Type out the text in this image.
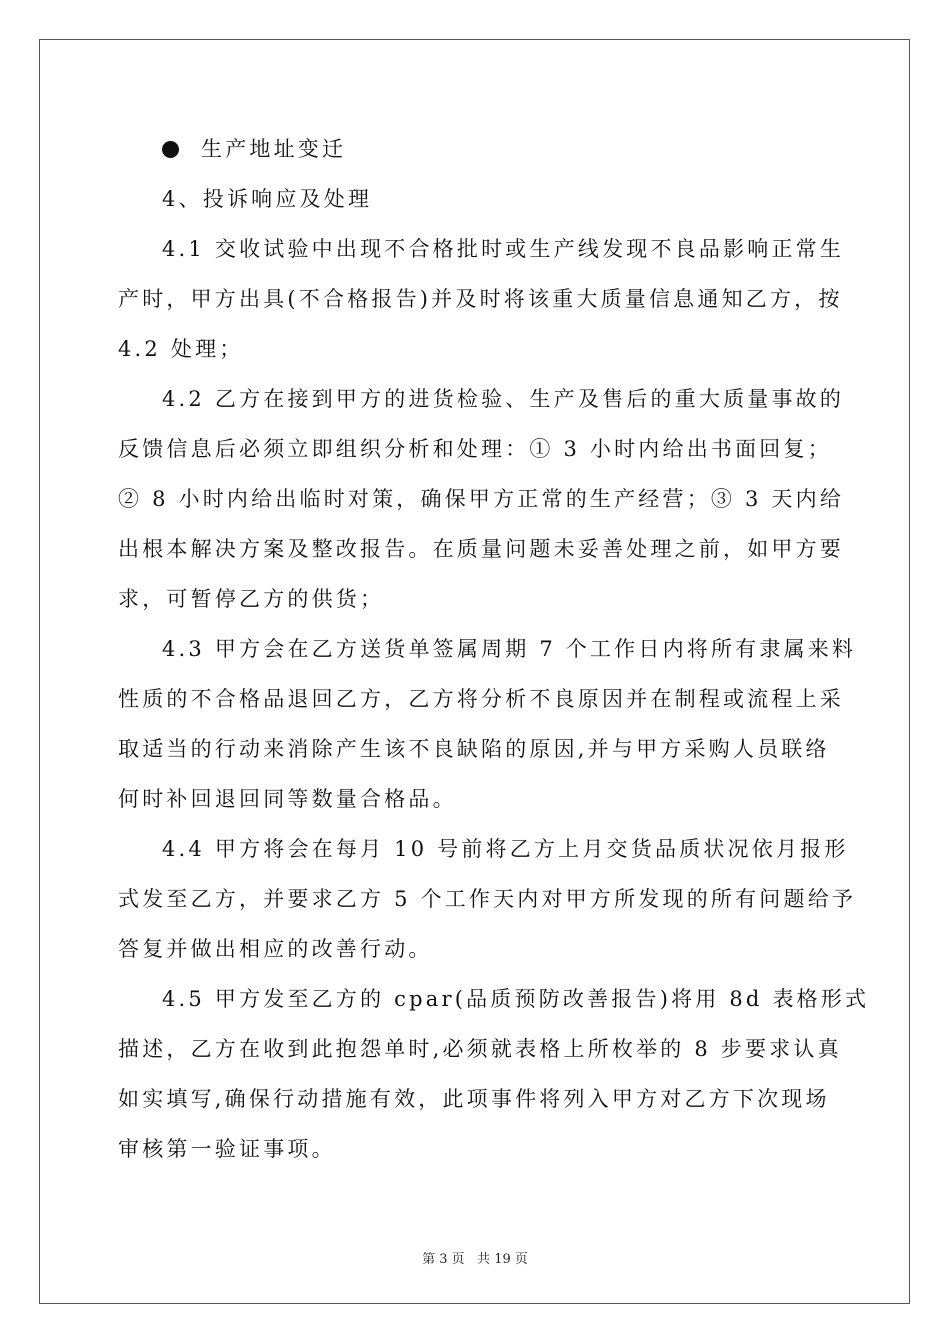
生产地址变迁
4、投诉响应及处理
4.1 交收试验中出现不合格批时或生产线发现不良品影响正常生
产时，甲方出具(不合格报告)并及时将该重大质量信息通知乙方，按
4.2 处理；
4.2 乙方在接到甲方的进货检验、生产及售后的重大质量事故的
反馈信息后必须立即组织分析和处理：① 3 小时内给出书面回复；
② 8 小时内给出临时对策，确保甲方正常的生产经营；③ 3 天内给
出根本解决方案及整改报告。在质量问题未妥善处理之前，如甲方要
求，可暂停乙方的供货；
4.3 甲方会在乙方送货单签属周期 7 个工作日内将所有隶属来料
性质的不合格品退回乙方，乙方将分析不良原因并在制程或流程上采
取适当的行动来消除产生该不良缺陷的原因,并与甲方采购人员联络
何时补回退回同等数量合格品。
4.4 甲方将会在每月 10 号前将乙方上月交货品质状况依月报形
式发至乙方，并要求乙方 5 个工作天内对甲方所发现的所有问题给予
答复并做出相应的改善行动。
4.5 甲方发至乙方的 cpar(品质预防改善报告)将用 8d 表格形式
描述，乙方在收到此抱怨单时,必须就表格上所枚举的 8 步要求认真
如实填写,确保行动措施有效，此项事件将列入甲方对乙方下次现场
审核第一验证事项。
第 3 页   共 19 页
